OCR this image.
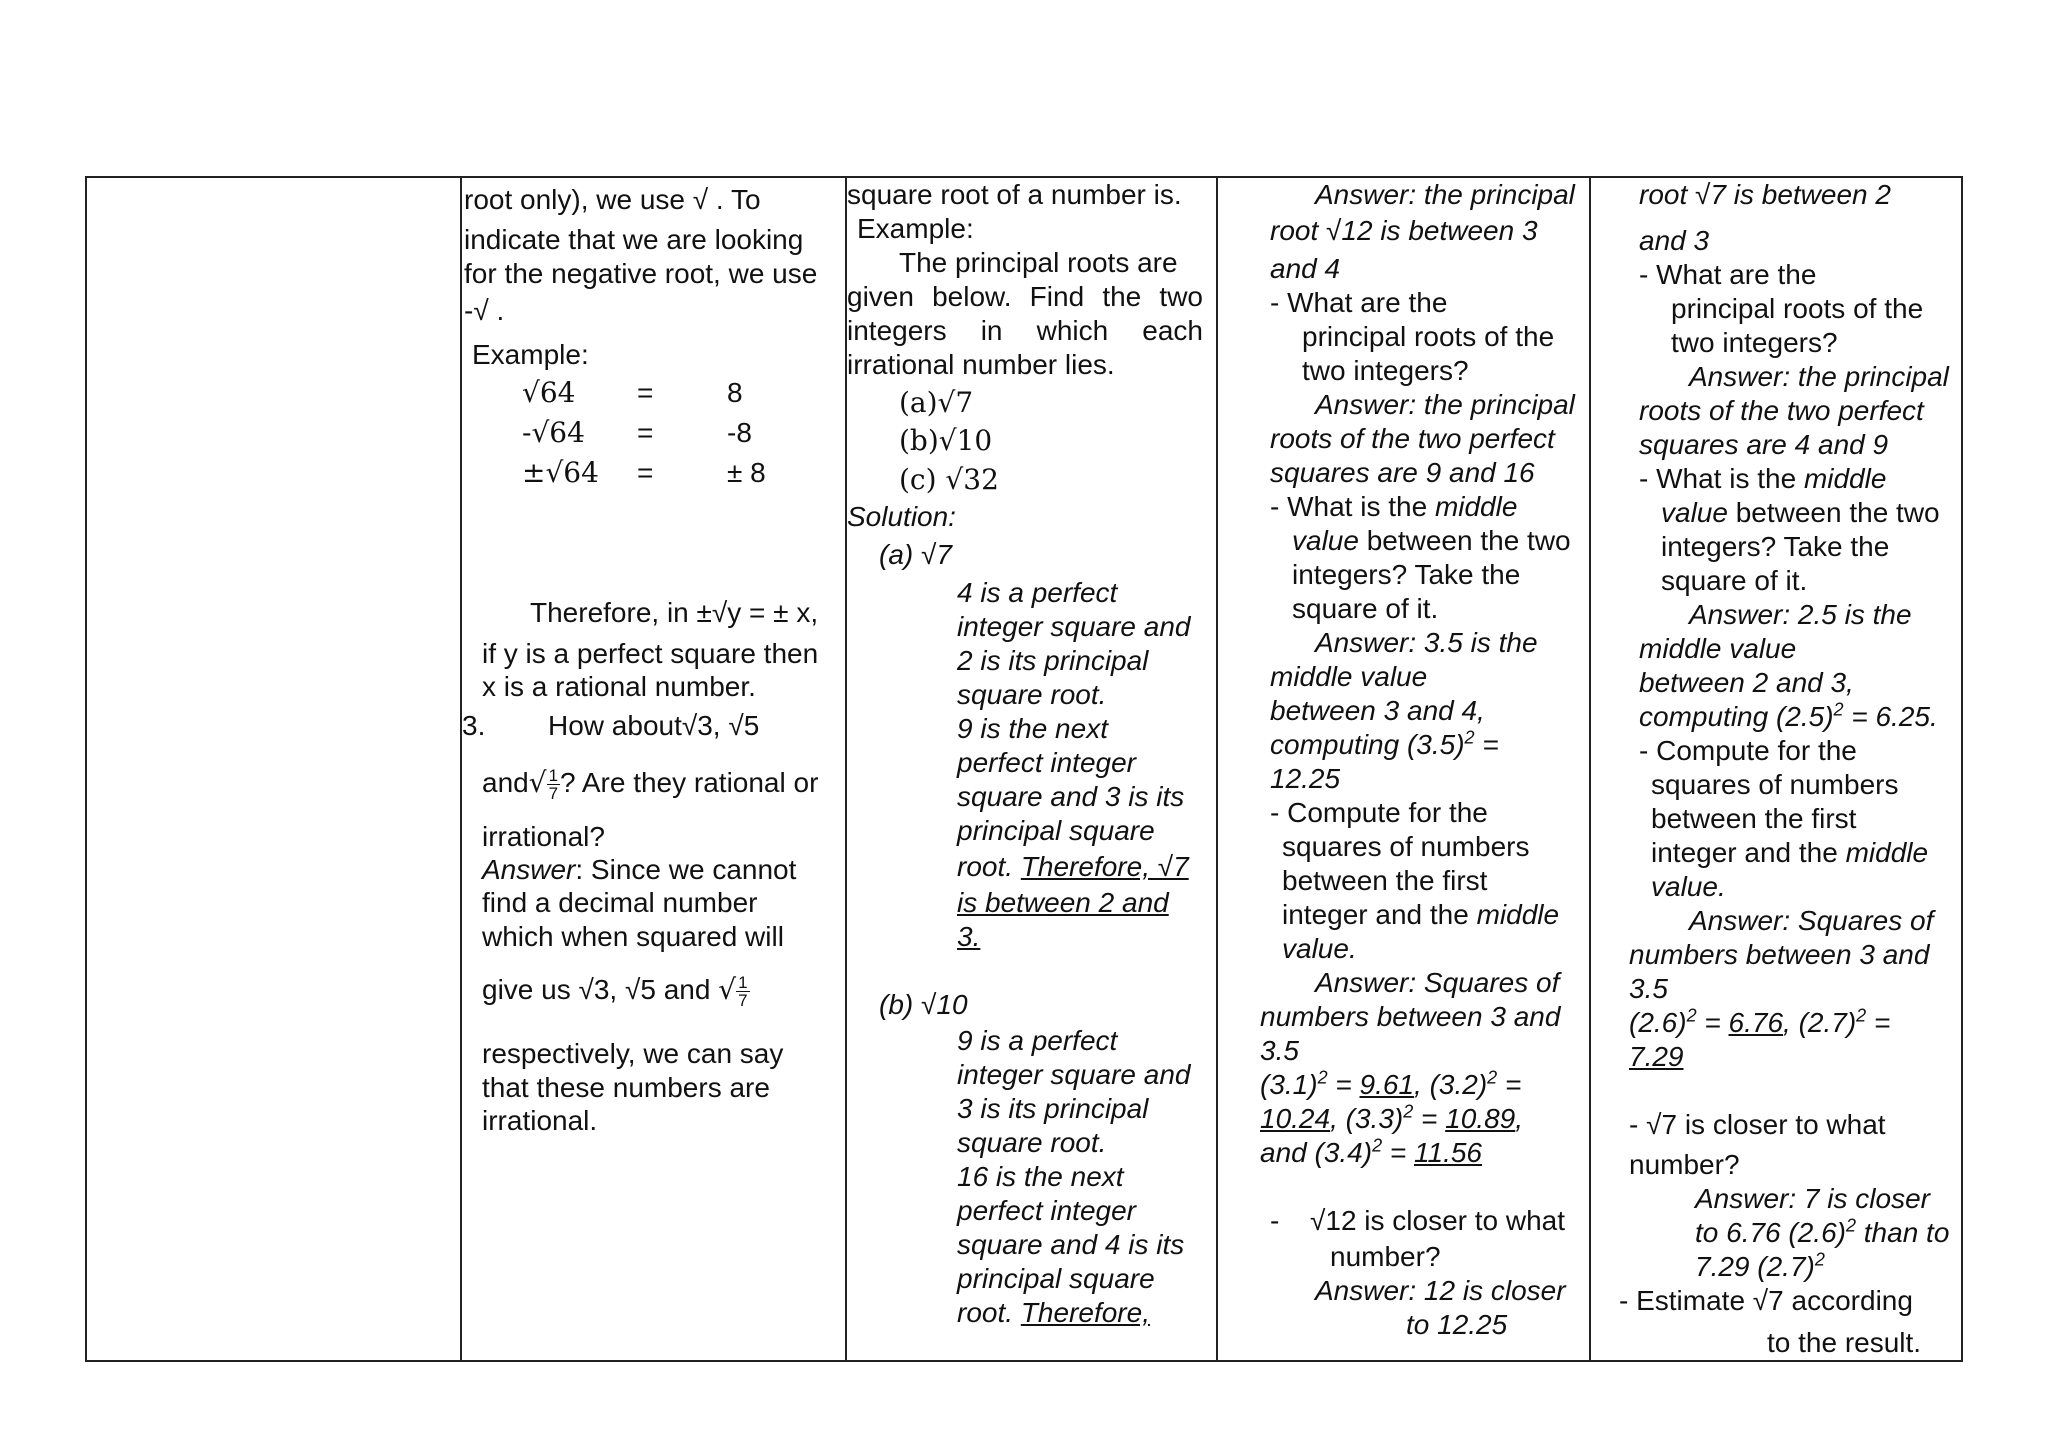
root only), we use √ . To
indicate that we are looking
for the negative root, we use
-√ .
Example:
√64 =	8
-√64 =	-8
±√64 =	± 8
Therefore, in ±√y = ± x,
if y is a perfect square then
x is a rational number.
3. How about√3, √5
$and√ \frac{1}{7}$ ? Are they rational or
irrational?
Answer: Since we cannot
find a decimal number
which when squared will
give us √3, √5 and √ $\frac{1}{7}$
respectively, we can say
that these numbers are
irrational.
square root of a number is.
Example:
The principal roots are
given below. Find the two
integers in which each
irrational number lies.
(a)√7
(b)√10
(c) √32
Solution:
(a) √7
4 is a perfect
integer square and
2 is its principal
square root.
9 is the next
perfect integer
square and 3 is its
principal square
root. Therefore, √7
is between 2 and
3.
(b) √10
9 is a perfect
integer square and
3 is its principal
square root.
16 is the next
perfect integer
square and 4 is its
principal square
root. Therefore,
Answer: the principal
root √12 is between 3
and 4
- What are the
principal roots of the
two integers?
Answer: the principal
roots of the two perfect
squares are 9 and 16
- What is the middle
value between the two
integers? Take the
square of it.
Answer: 3.5 is the
middle value
between 3 and 4,
computing $(3.5)^2$ =
12.25
- Compute for the
squares of numbers
between the first
integer and the middle
value.
Answer: Squares of
numbers between 3 and
3.5
$(3.1)^2 = 9.61$, $(3.2)^2$ =
10.24, $(3.3)^2 = 10.89$,
and $(3.4)^2 = 11.56$
- √12 is closer to what
number?
Answer: 12 is closer
to 12.25
root √7 is between 2
and 3
- What are the
principal roots of the
two integers?
Answer: the principal
roots of the two perfect
squares are 4 and 9
- What is the middle
value between the two
integers? Take the
square of it.
Answer: 2.5 is the
middle value
between 2 and 3,
computing $(2.5)^2 = 6.25$.
- Compute for the
squares of numbers
between the first
integer and the middle
value.
Answer: Squares of
numbers between 3 and
3.5
$(2.6)^2 = 6.76$, $(2.7)^2$ =
7.29
- √7 is closer to what
number?
Answer: 7 is closer
to 6.76 $(2.6)^2$ than to
7.29 $(2.7)^2$
- Estimate √7 according
to the result.
